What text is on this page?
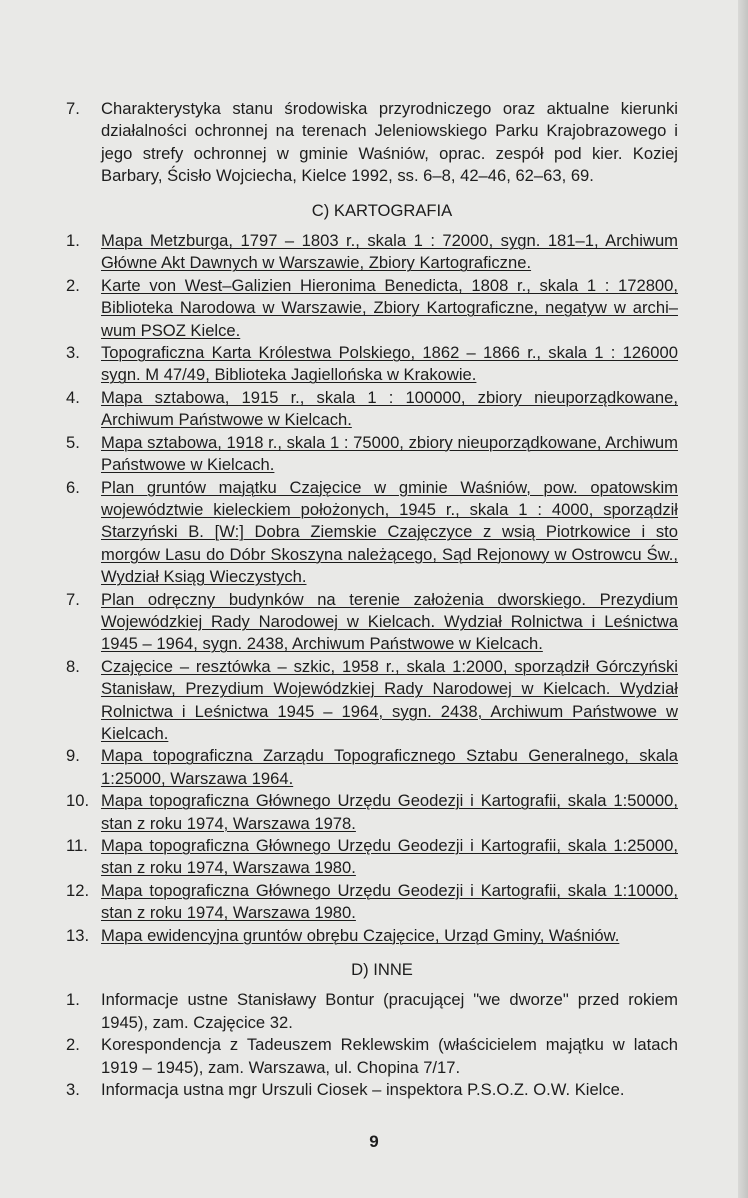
7.	Charakterystyka stanu środowiska przyrodniczego oraz aktualne kierunki działalności ochronnej na terenach Jeleniowskiego Parku Krajobrazowego i jego strefy ochronnej w gminie Waśniów, oprac. zespół pod kier. Koziej Barbary, Ścisło Wojciecha, Kielce 1992, ss. 6–8, 42–46, 62–63, 69.
C) KARTOGRAFIA
1.	Mapa Metzburga, 1797 – 1803 r., skala 1 : 72000, sygn. 181–1, Archiwum Główne Akt Dawnych w Warszawie, Zbiory Kartograficzne.
2.	Karte von West–Galizien Hieronima Benedicta, 1808 r., skala 1 : 172800, Biblioteka Narodowa w Warszawie, Zbiory Kartograficzne, negatyw w archi–wum PSOZ Kielce.
3.	Topograficzna Karta Królestwa Polskiego, 1862 – 1866 r., skala 1 : 126000 sygn. M 47/49, Biblioteka Jagiellońska w Krakowie.
4.	Mapa sztabowa, 1915 r., skala 1 : 100000, zbiory nieuporządkowane, Archiwum Państwowe w Kielcach.
5.	Mapa sztabowa, 1918 r., skala 1 : 75000, zbiory nieuporządkowane, Archiwum Państwowe w Kielcach.
6.	Plan gruntów majątku Czajęcice w gminie Waśniów, pow. opatowskim województwie kieleckiem położonych, 1945 r., skala 1 : 4000, sporządził Starzyński B. [W:] Dobra Ziemskie Czajęczyce z wsią Piotrkowice i sto morgów Lasu do Dóbr Skoszyna należącego, Sąd Rejonowy w Ostrowcu Św., Wydział Ksiąg Wieczystych.
7.	Plan odręczny budynków na terenie założenia dworskiego. Prezydium Wojewódzkiej Rady Narodowej w Kielcach. Wydział Rolnictwa i Leśnictwa 1945 – 1964, sygn. 2438, Archiwum Państwowe w Kielcach.
8.	Czajęcice – resztówka – szkic, 1958 r., skala 1:2000, sporządził Górczyński Stanisław, Prezydium Wojewódzkiej Rady Narodowej w Kielcach. Wydział Rolnictwa i Leśnictwa 1945 – 1964, sygn. 2438, Archiwum Państwowe w Kielcach.
9.	Mapa topograficzna Zarządu Topograficznego Sztabu Generalnego, skala 1:25000, Warszawa 1964.
10. Mapa topograficzna Głównego Urzędu Geodezji i Kartografii, skala 1:50000, stan z roku 1974, Warszawa 1978.
11. Mapa topograficzna Głównego Urzędu Geodezji i Kartografii, skala 1:25000, stan z roku 1974, Warszawa 1980.
12. Mapa topograficzna Głównego Urzędu Geodezji i Kartografii, skala 1:10000, stan z roku 1974, Warszawa 1980.
13. Mapa ewidencyjna gruntów obrębu Czajęcice, Urząd Gminy, Waśniów.
D) INNE
1.	Informacje ustne Stanisławy Bontur (pracującej "we dworze" przed rokiem 1945), zam. Czajęcice 32.
2.	Korespondencja z Tadeuszem Reklewskim (właścicielem majątku w latach 1919 – 1945), zam. Warszawa, ul. Chopina 7/17.
3.	Informacja ustna mgr Urszuli Ciosek – inspektora P.S.O.Z. O.W. Kielce.
9
